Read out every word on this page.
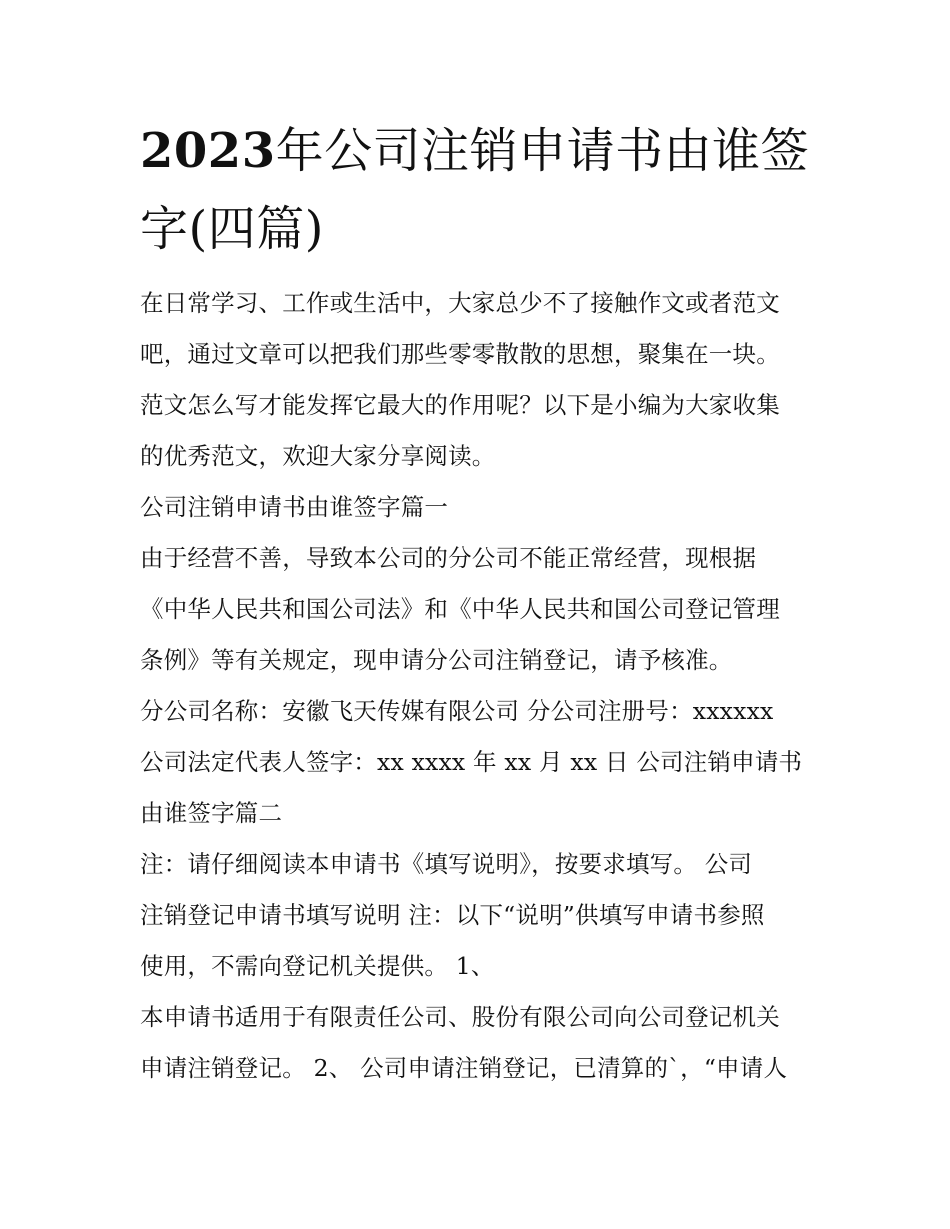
2023年公司注销申请书由谁签
字(四篇)
在日常学习、工作或生活中，大家总少不了接触作文或者范文
吧，通过文章可以把我们那些零零散散的思想，聚集在一块。
范文怎么写才能发挥它最大的作用呢？以下是小编为大家收集
的优秀范文，欢迎大家分享阅读。
公司注销申请书由谁签字篇一
由于经营不善，导致本公司的分公司不能正常经营，现根据
《中华人民共和国公司法》和《中华人民共和国公司登记管理
条例》等有关规定，现申请分公司注销登记，请予核准。
分公司名称：安徽飞天传媒有限公司 分公司注册号：xxxxxx
公司法定代表人签字：xx xxxx 年 xx 月 xx 日 公司注销申请书
由谁签字篇二
注：请仔细阅读本申请书《填写说明》，按要求填写。 公司
注销登记申请书填写说明 注：以下“说明”供填写申请书参照
使用，不需向登记机关提供。 1、
本申请书适用于有限责任公司、股份有限公司向公司登记机关
申请注销登记。 2、 公司申请注销登记，已清算的`，“申请人
